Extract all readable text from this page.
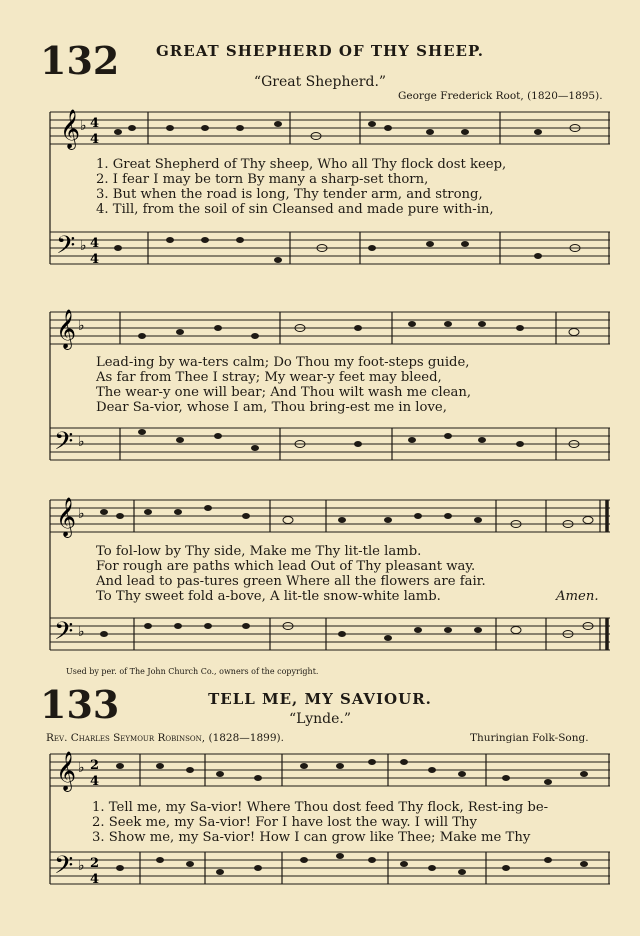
132	GREAT SHEPHERD OF THY SHEEP.
“Great Shepherd.”
George Frederick Root, (1820—1895).
𝄞
𝄢
♭
♭
4
4
4
4
1. Great Shepherd of Thy sheep, Who all Thy flock dost keep,
2. I fear I may be torn By many a sharp-set thorn,
3. But when the road is long, Thy tender arm, and strong,
4. Till, from the soil of sin Cleansed and made pure with-in,
𝄞
𝄢
♭
♭
Lead-ing by wa-ters calm; Do Thou my foot-steps guide,
As far from Thee I stray; My wear-y feet may bleed,
The wear-y one will bear; And Thou wilt wash me clean,
Dear Sa-vior, whose I am, Thou bring-est me in love,
𝄞
𝄢
♭
♭
To fol-low by Thy side, Make me Thy lit-tle lamb.
For rough are paths which lead Out of Thy pleasant way.
And lead to pas-tures green Where all the flowers are fair.
To Thy sweet fold a-bove, A lit-tle snow-white lamb.	Amen.
Used by per. of The John Church Co., owners of the copyright.
133	TELL ME, MY SAVIOUR.
“Lynde.”
Rev. Charles Seymour Robinson, (1828—1899).	Thuringian Folk-Song.
𝄞
𝄢
♭
♭
2
4
2
4
1. Tell me, my Sa-vior! Where Thou dost feed Thy flock, Rest-ing be-
2. Seek me, my Sa-vior! For I have lost the way. I will Thy
3. Show me, my Sa-vior! How I can grow like Thee; Make me Thy
